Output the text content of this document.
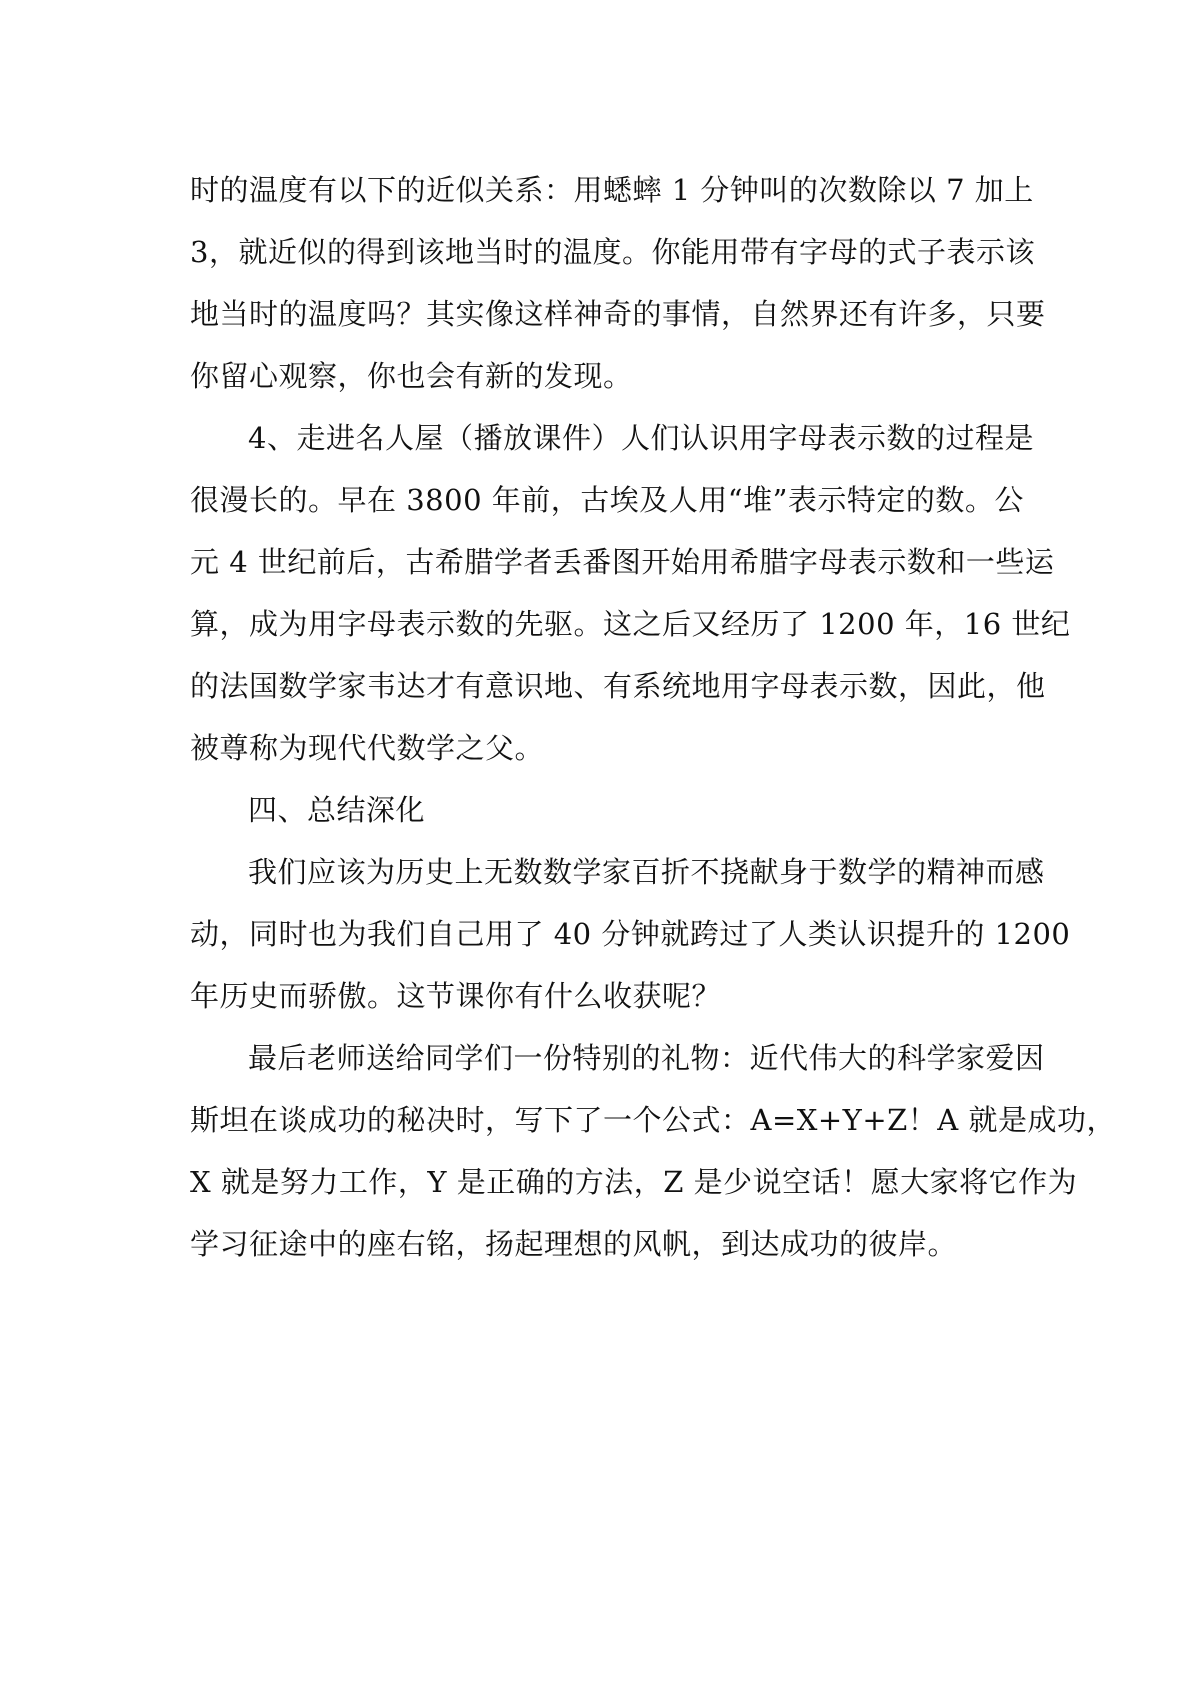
时的温度有以下的近似关系：用蟋蟀 1 分钟叫的次数除以 7 加上
3，就近似的得到该地当时的温度。你能用带有字母的式子表示该
地当时的温度吗？其实像这样神奇的事情，自然界还有许多，只要
你留心观察，你也会有新的发现。
4、走进名人屋（播放课件）人们认识用字母表示数的过程是
很漫长的。早在 3800 年前，古埃及人用“堆”表示特定的数。公
元 4 世纪前后，古希腊学者丢番图开始用希腊字母表示数和一些运
算，成为用字母表示数的先驱。这之后又经历了 1200 年，16 世纪
的法国数学家韦达才有意识地、有系统地用字母表示数，因此，他
被尊称为现代代数学之父。
四、总结深化
我们应该为历史上无数数学家百折不挠献身于数学的精神而感
动，同时也为我们自己用了 40 分钟就跨过了人类认识提升的 1200
年历史而骄傲。这节课你有什么收获呢？
最后老师送给同学们一份特别的礼物：近代伟大的科学家爱因
斯坦在谈成功的秘决时，写下了一个公式：A=X+Y+Z！A 就是成功，
X 就是努力工作，Y 是正确的方法，Z 是少说空话！愿大家将它作为
学习征途中的座右铭，扬起理想的风帆，到达成功的彼岸。
